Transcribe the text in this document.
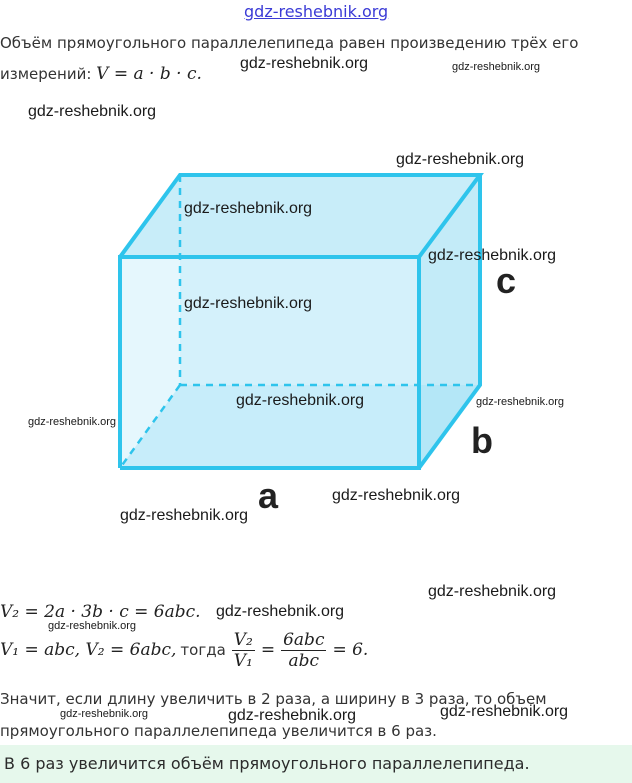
gdz-reshebnik.org
Объём прямоугольного параллелепипеда равен произведению трёх его
измерений: V = a · b · c.
c
b
a
V₂ = 2a · 3b · c = 6abc.
V₁ = abc, V₂ = 6abc, тогда $\frac{\text{V₂}}{\text{V₁}} = \frac{\text{6abc}}{\text{abc}} = 6$.
Значит, если длину увеличить в 2 раза, а ширину в 3 раза, то объем
прямоугольного параллелепипеда увеличится в 6 раз.
В 6 раз увеличится объём прямоугольного параллелепипеда.
gdz-reshebnik.org	gdz-reshebnik.org
gdz-reshebnik.org
gdz-reshebnik.org
gdz-reshebnik.org
gdz-reshebnik.org
gdz-reshebnik.org
gdz-reshebnik.org	gdz-reshebnik.org
gdz-reshebnik.org
gdz-reshebnik.org
gdz-reshebnik.org
gdz-reshebnik.org
gdz-reshebnik.org
gdz-reshebnik.org
gdz-reshebnik.org	gdz-reshebnik.org	gdz-reshebnik.org
